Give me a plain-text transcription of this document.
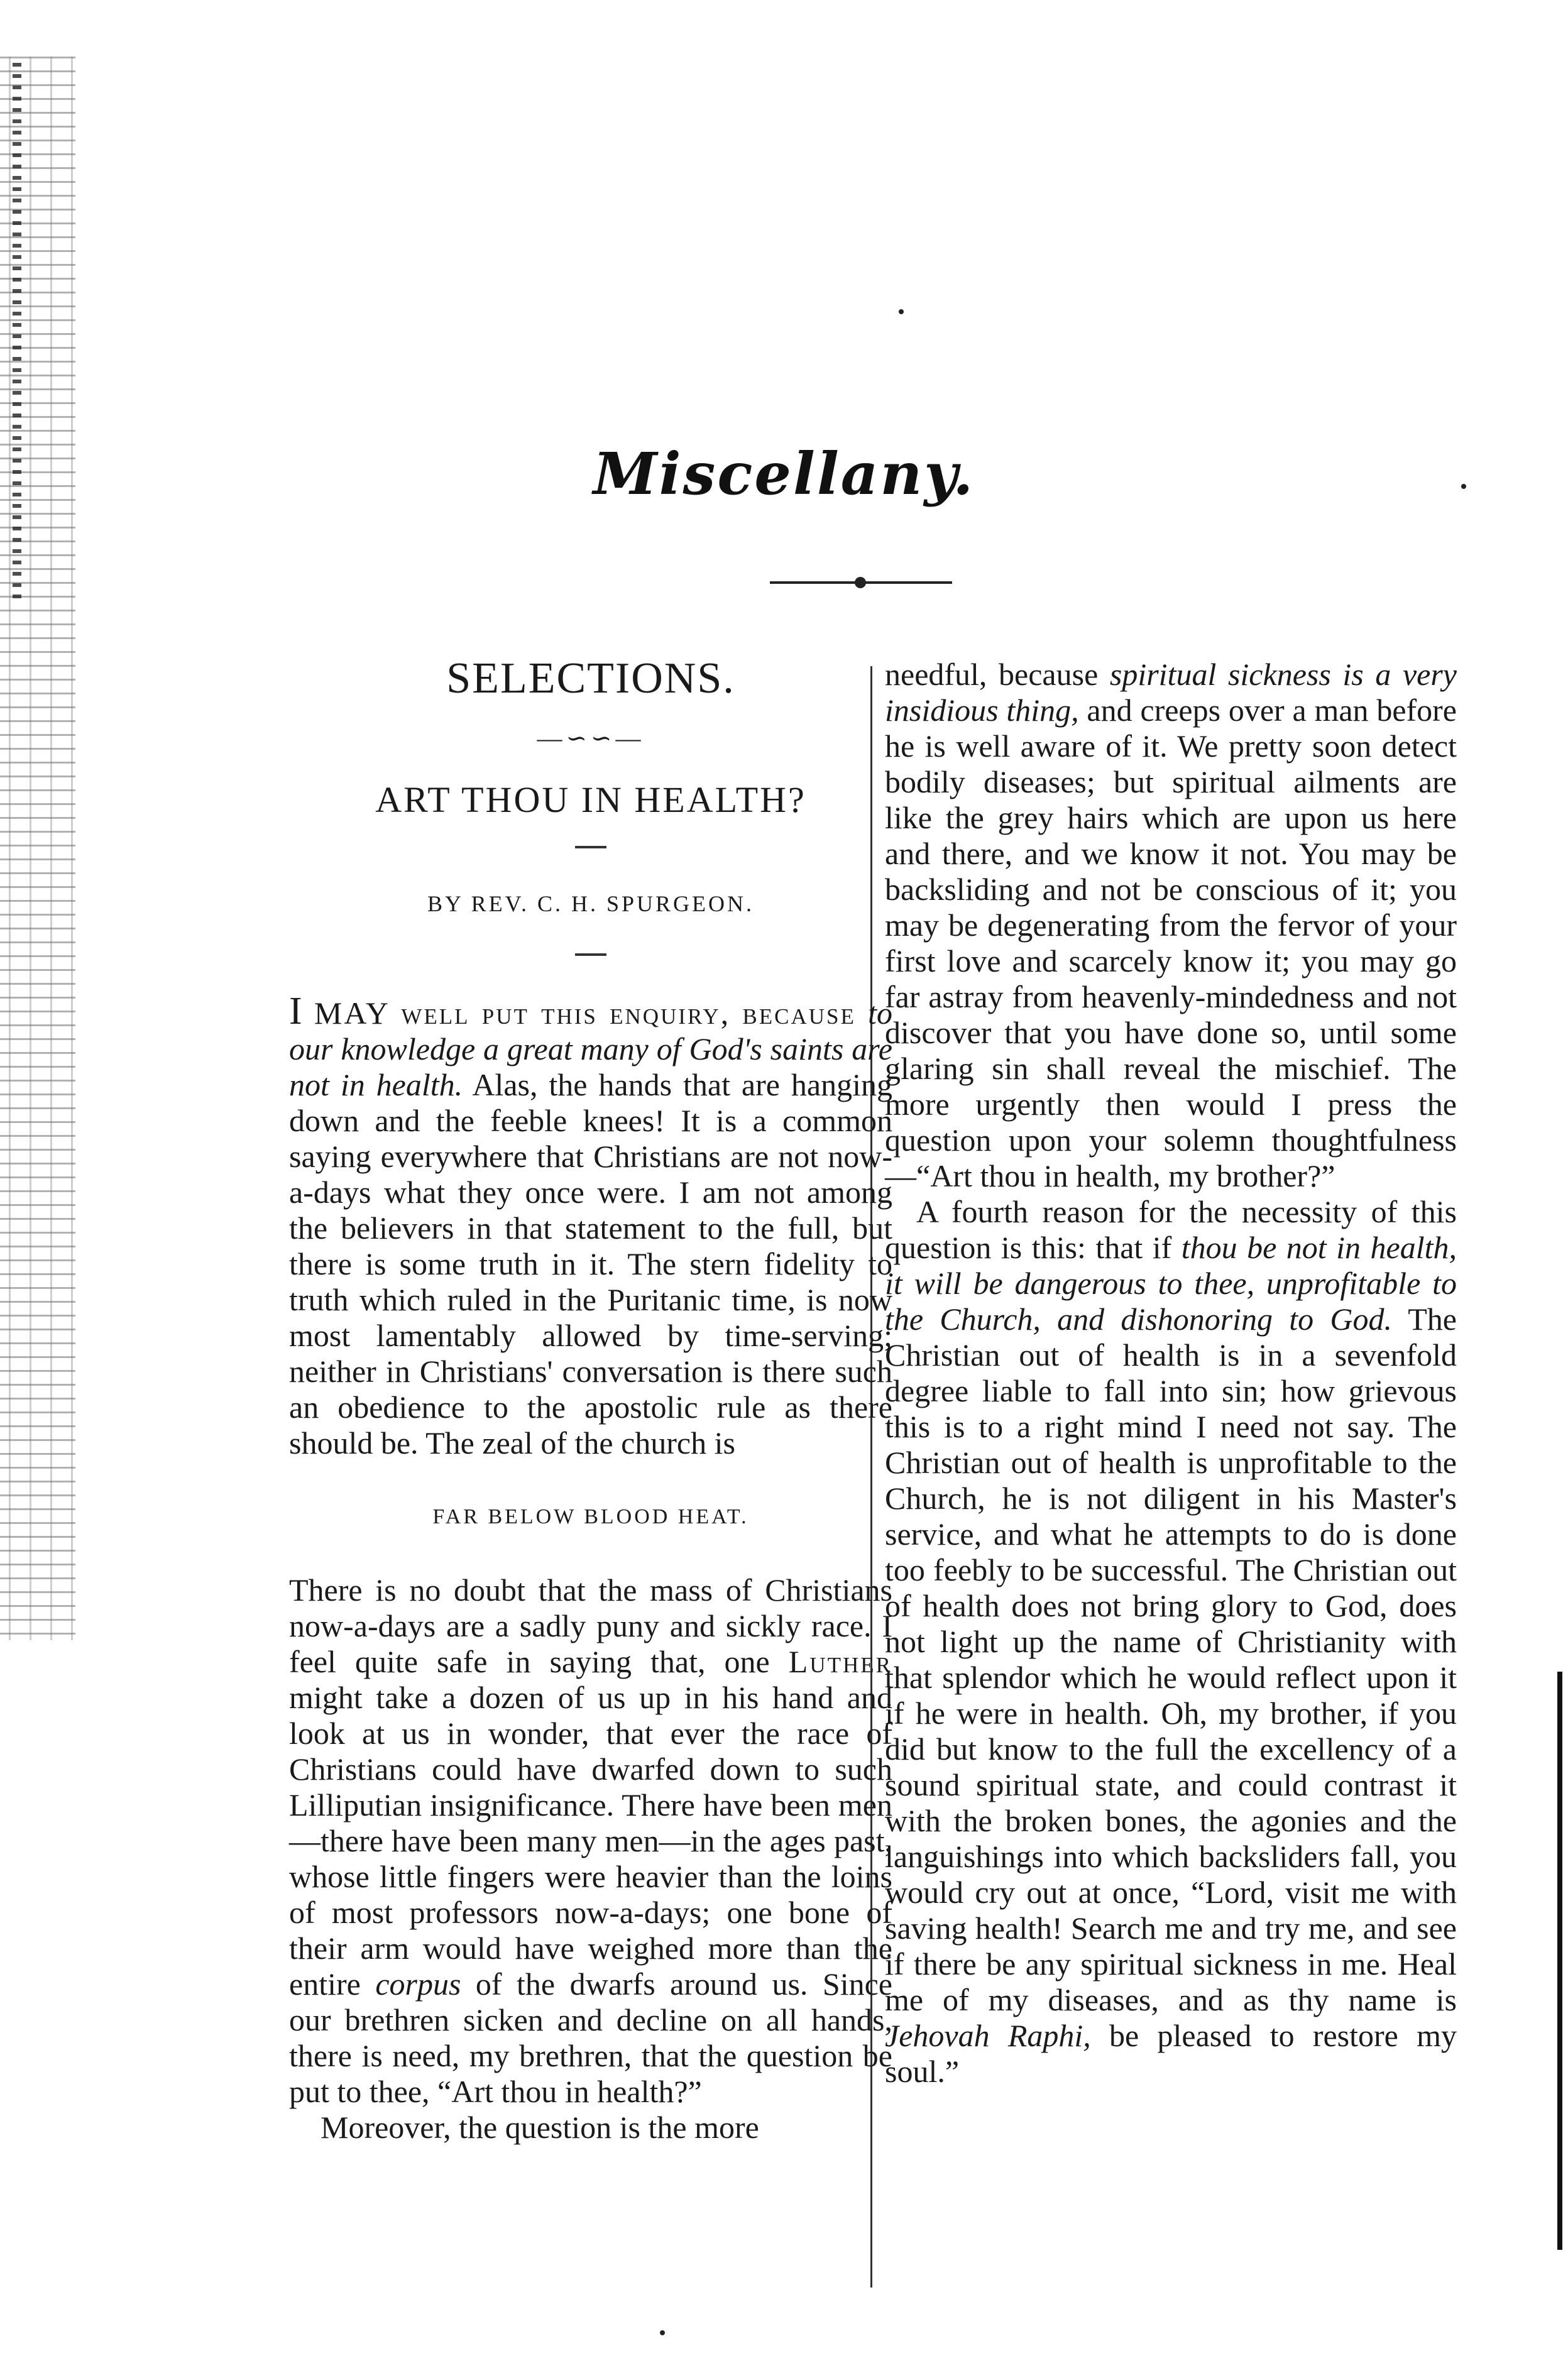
Miscellany.
SELECTIONS.
—∽∽—
ART THOU IN HEALTH?
BY REV. C. H. SPURGEON.

I MAY well put this enquiry, because to our knowledge a great many of God's saints are not in health. Alas, the hands that are hanging down and the feeble knees! It is a common saying everywhere that Christians are not now-a-days what they once were. I am not among the believers in that statement to the full, but there is some truth in it. The stern fidelity to truth which ruled in the Puritanic time, is now most lamentably allowed by time-serving; neither in Christians' conversation is there such an obedience to the apostolic rule as there should be. The zeal of the church is

FAR BELOW BLOOD HEAT.

There is no doubt that the mass of Christians now-a-days are a sadly puny and sickly race. I feel quite safe in saying that, one Luther might take a dozen of us up in his hand and look at us in wonder, that ever the race of Christians could have dwarfed down to such Lilliputian insignificance. There have been men—there have been many men—in the ages past, whose little fingers were heavier than the loins of most professors now-a-days; one bone of their arm would have weighed more than the entire corpus of the dwarfs around us. Since our brethren sicken and decline on all hands, there is need, my brethren, that the question be put to thee, “Art thou in health?”

Moreover, the question is the more

needful, because spiritual sickness is a very insidious thing, and creeps over a man before he is well aware of it. We pretty soon detect bodily diseases; but spiritual ailments are like the grey hairs which are upon us here and there, and we know it not. You may be backsliding and not be conscious of it; you may be degenerating from the fervor of your first love and scarcely know it; you may go far astray from heavenly-mindedness and not discover that you have done so, until some glaring sin shall reveal the mischief. The more urgently then would I press the question upon your solemn thoughtfulness—“Art thou in health, my brother?”

A fourth reason for the necessity of this question is this: that if thou be not in health, it will be dangerous to thee, unprofitable to the Church, and dishonoring to God. The Christian out of health is in a sevenfold degree liable to fall into sin; how grievous this is to a right mind I need not say. The Christian out of health is unprofitable to the Church, he is not diligent in his Master's service, and what he attempts to do is done too feebly to be successful. The Christian out of health does not bring glory to God, does not light up the name of Christianity with that splendor which he would reflect upon it if he were in health. Oh, my brother, if you did but know to the full the excellency of a sound spiritual state, and could contrast it with the broken bones, the agonies and the languishings into which backsliders fall, you would cry out at once, “Lord, visit me with saving health! Search me and try me, and see if there be any spiritual sickness in me. Heal me of my diseases, and as thy name is Jehovah Raphi, be pleased to restore my soul.”
